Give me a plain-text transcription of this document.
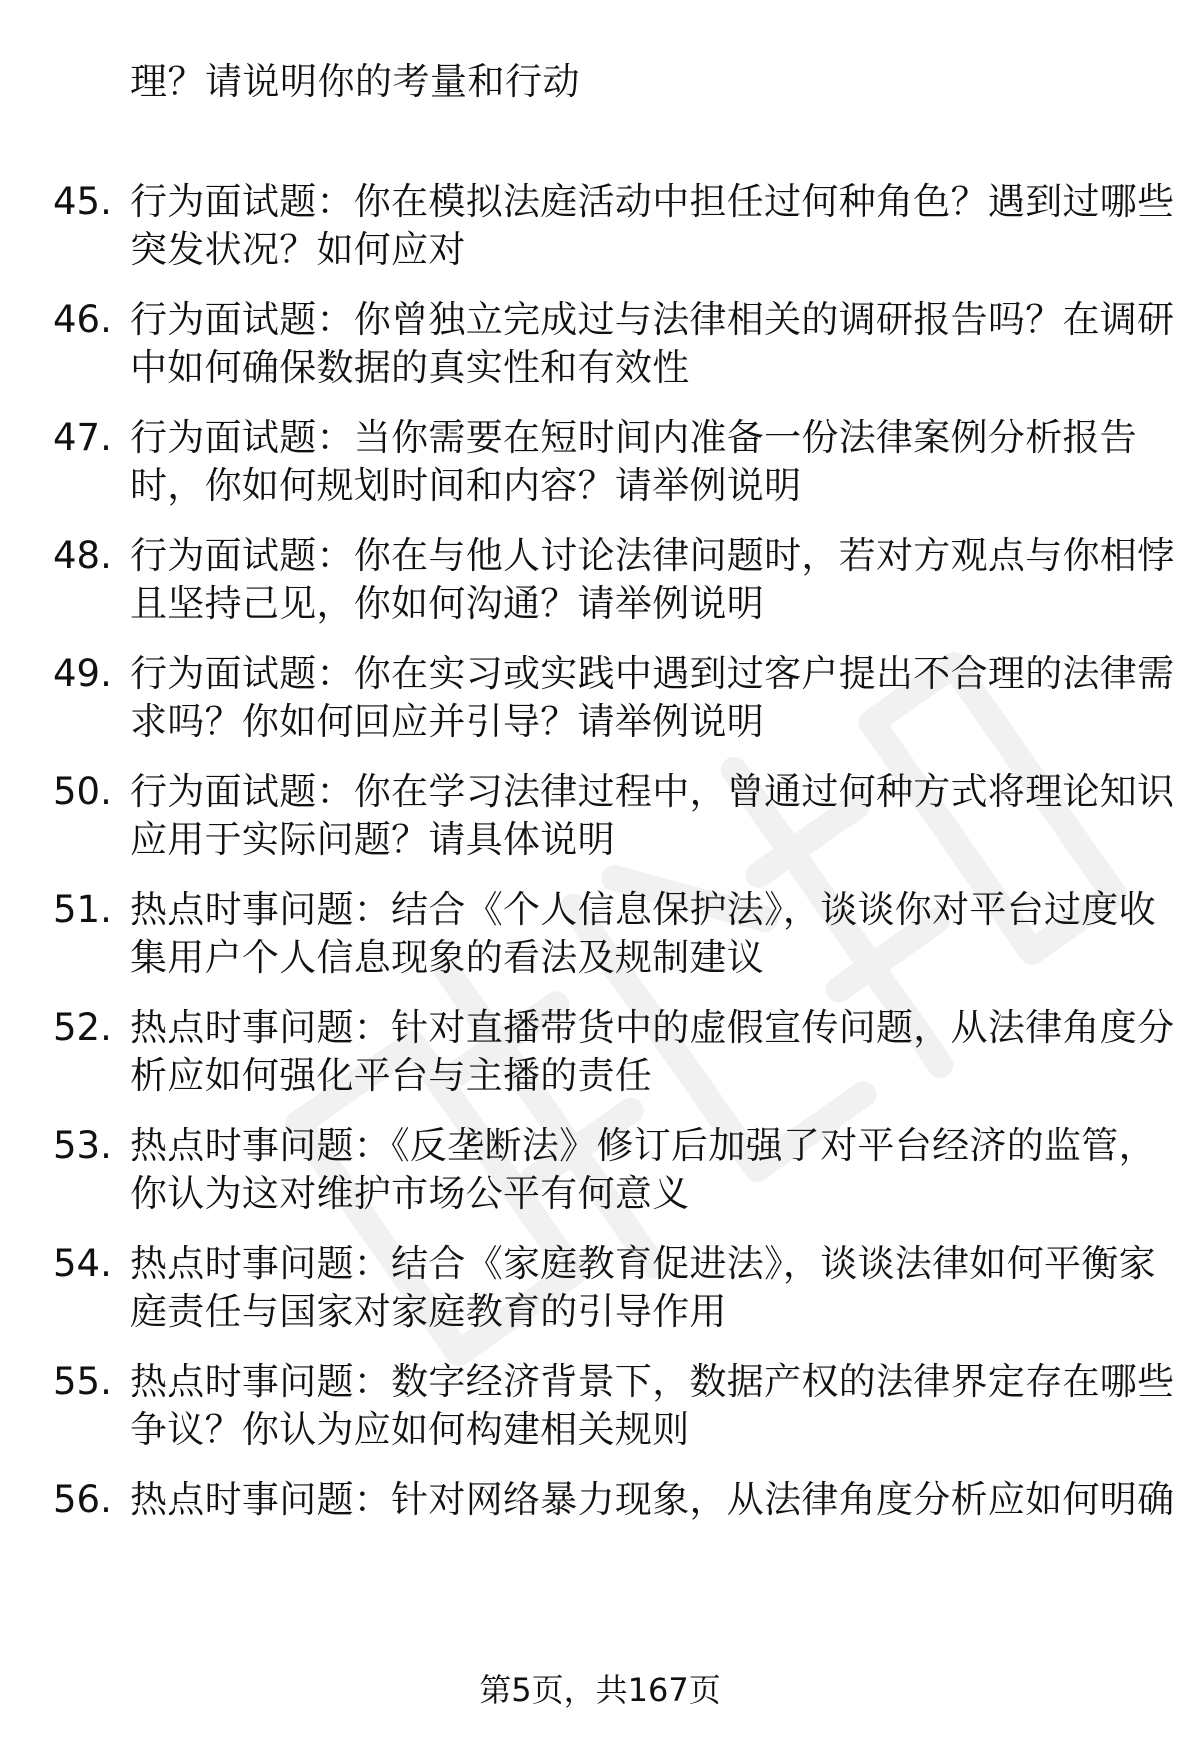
理？请说明你的考量和行动
45. 行为面试题：你在模拟法庭活动中担任过何种角色？遇到过哪些
突发状况？如何应对
46. 行为面试题：你曾独立完成过与法律相关的调研报告吗？在调研
中如何确保数据的真实性和有效性
47. 行为面试题：当你需要在短时间内准备一份法律案例分析报告
时，你如何规划时间和内容？请举例说明
48. 行为面试题：你在与他人讨论法律问题时，若对方观点与你相悖
且坚持己见，你如何沟通？请举例说明
49. 行为面试题：你在实习或实践中遇到过客户提出不合理的法律需
求吗？你如何回应并引导？请举例说明
50. 行为面试题：你在学习法律过程中，曾通过何种方式将理论知识
应用于实际问题？请具体说明
51. 热点时事问题：结合《个人信息保护法》，谈谈你对平台过度收
集用户个人信息现象的看法及规制建议
52. 热点时事问题：针对直播带货中的虚假宣传问题，从法律角度分
析应如何强化平台与主播的责任
53. 热点时事问题：《反垄断法》修订后加强了对平台经济的监管，
你认为这对维护市场公平有何意义
54. 热点时事问题：结合《家庭教育促进法》，谈谈法律如何平衡家
庭责任与国家对家庭教育的引导作用
55. 热点时事问题：数字经济背景下，数据产权的法律界定存在哪些
争议？你认为应如何构建相关规则
56. 热点时事问题：针对网络暴力现象，从法律角度分析应如何明确
第5页，共167页
